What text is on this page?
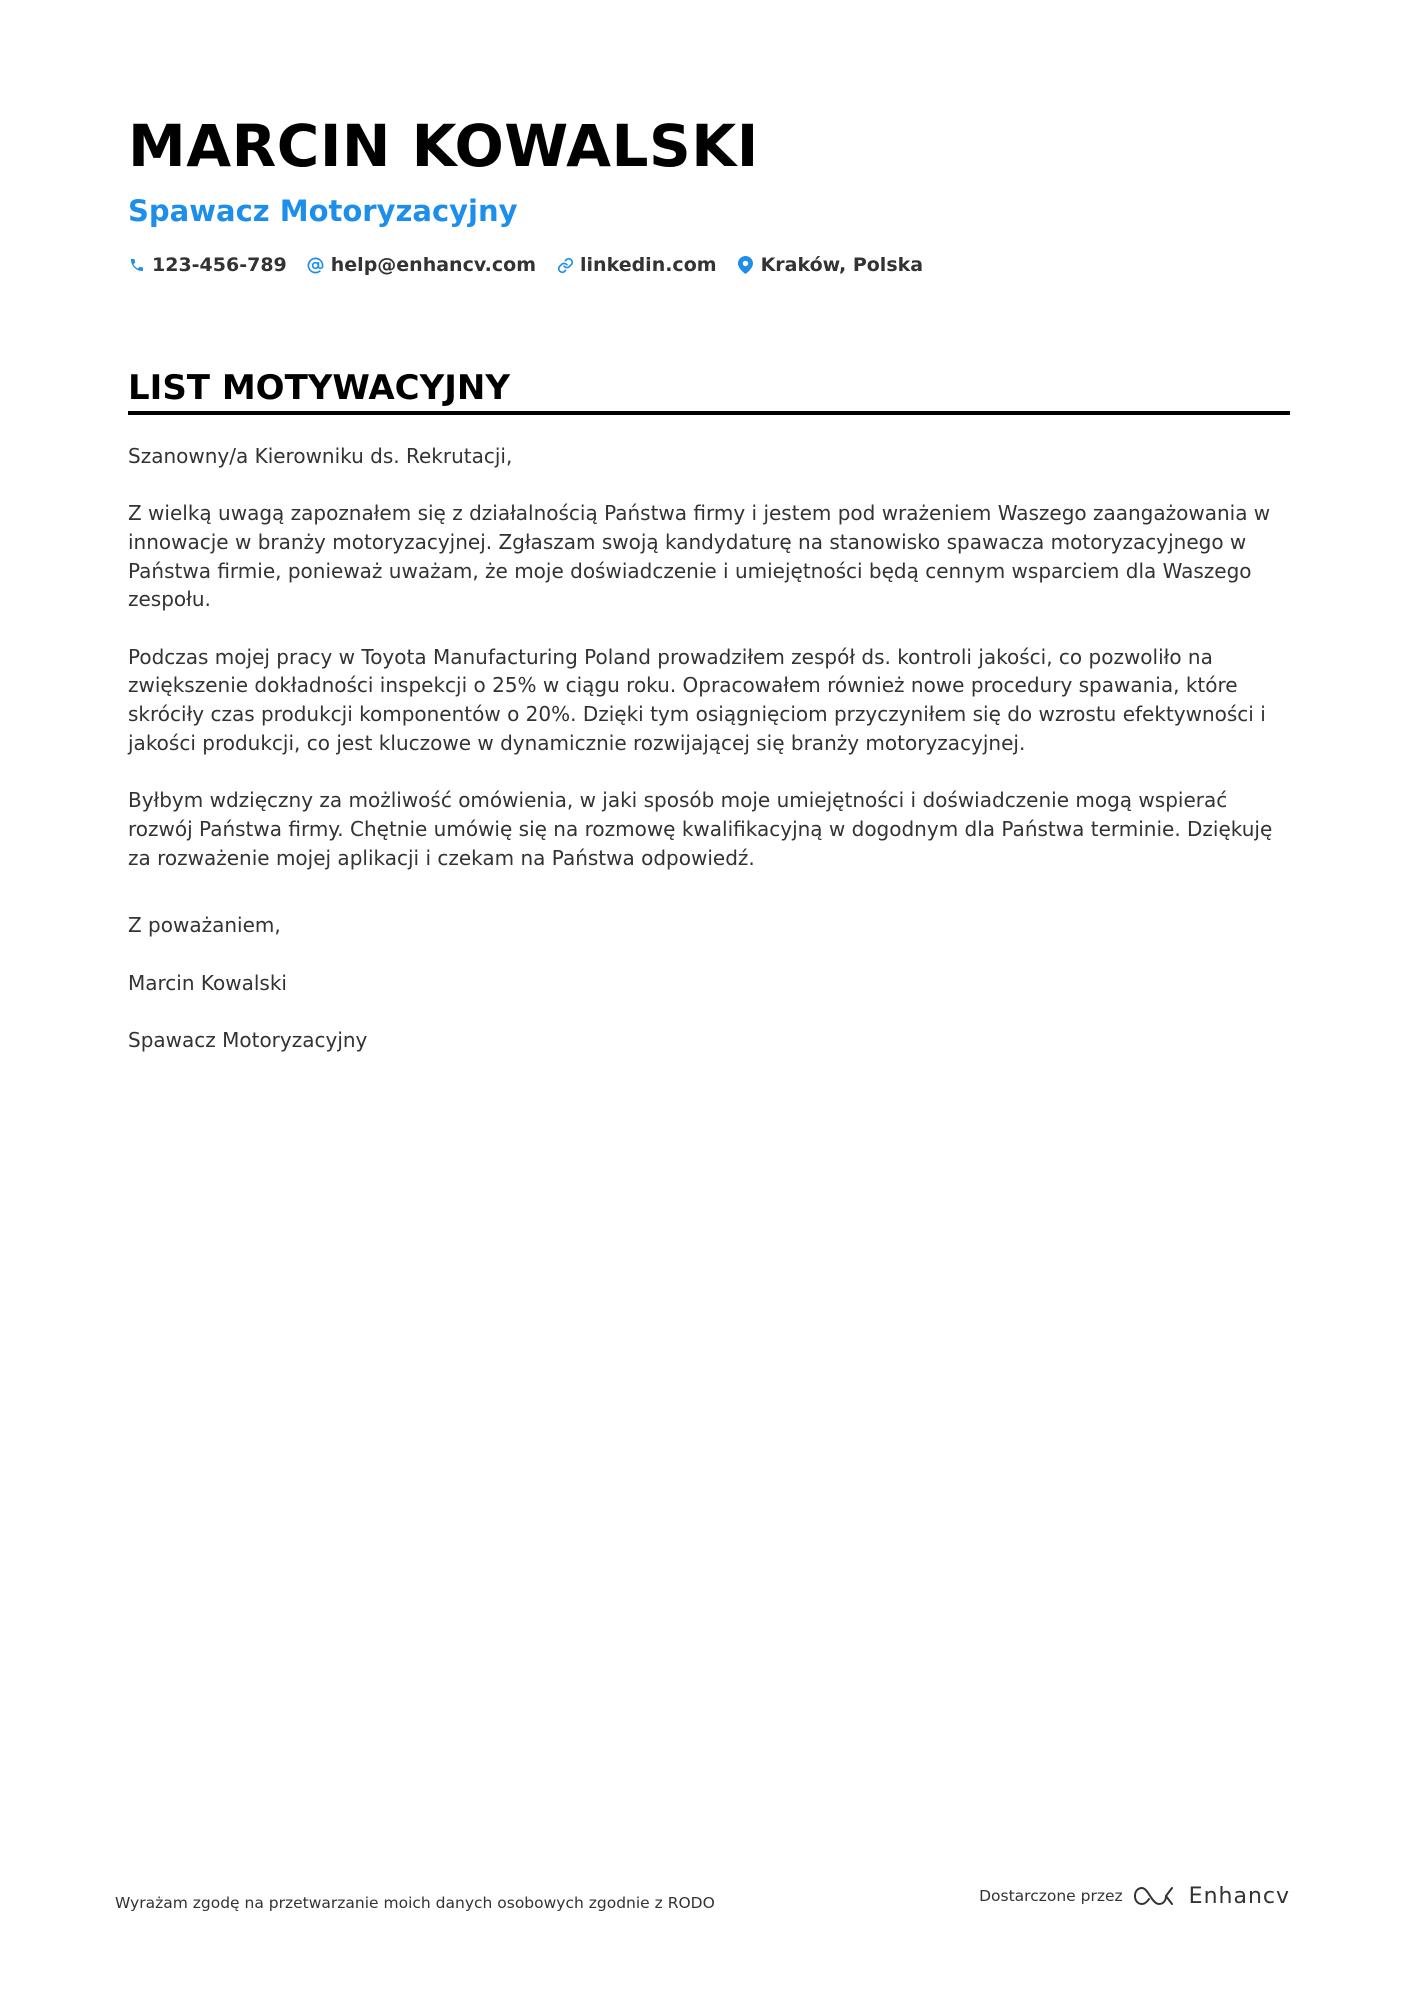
MARCIN KOWALSKI
Spawacz Motoryzacyjny
123-456-789 help@enhancv.com linkedin.com Kraków, Polska
LIST MOTYWACYJNY

Szanowny/a Kierowniku ds. Rekrutacji,

Z wielką uwagą zapoznałem się z działalnością Państwa firmy i jestem pod wrażeniem Waszego zaangażowania w innowacje w branży motoryzacyjnej. Zgłaszam swoją kandydaturę na stanowisko spawacza motoryzacyjnego w Państwa firmie, ponieważ uważam, że moje doświadczenie i umiejętności będą cennym wsparciem dla Waszego zespołu.

Podczas mojej pracy w Toyota Manufacturing Poland prowadziłem zespół ds. kontroli jakości, co pozwoliło na zwiększenie dokładności inspekcji o 25% w ciągu roku. Opracowałem również nowe procedury spawania, które skróciły czas produkcji komponentów o 20%. Dzięki tym osiągnięciom przyczyniłem się do wzrostu efektywności i jakości produkcji, co jest kluczowe w dynamicznie rozwijającej się branży motoryzacyjnej.

Byłbym wdzięczny za możliwość omówienia, w jaki sposób moje umiejętności i doświadczenie mogą wspierać rozwój Państwa firmy. Chętnie umówię się na rozmowę kwalifikacyjną w dogodnym dla Państwa terminie. Dziękuję za rozważenie mojej aplikacji i czekam na Państwa odpowiedź.

Z poważaniem,

Marcin Kowalski

Spawacz Motoryzacyjny

Wyrażam zgodę na przetwarzanie moich danych osobowych zgodnie z RODO	Dostarczone przez	Enhancv
